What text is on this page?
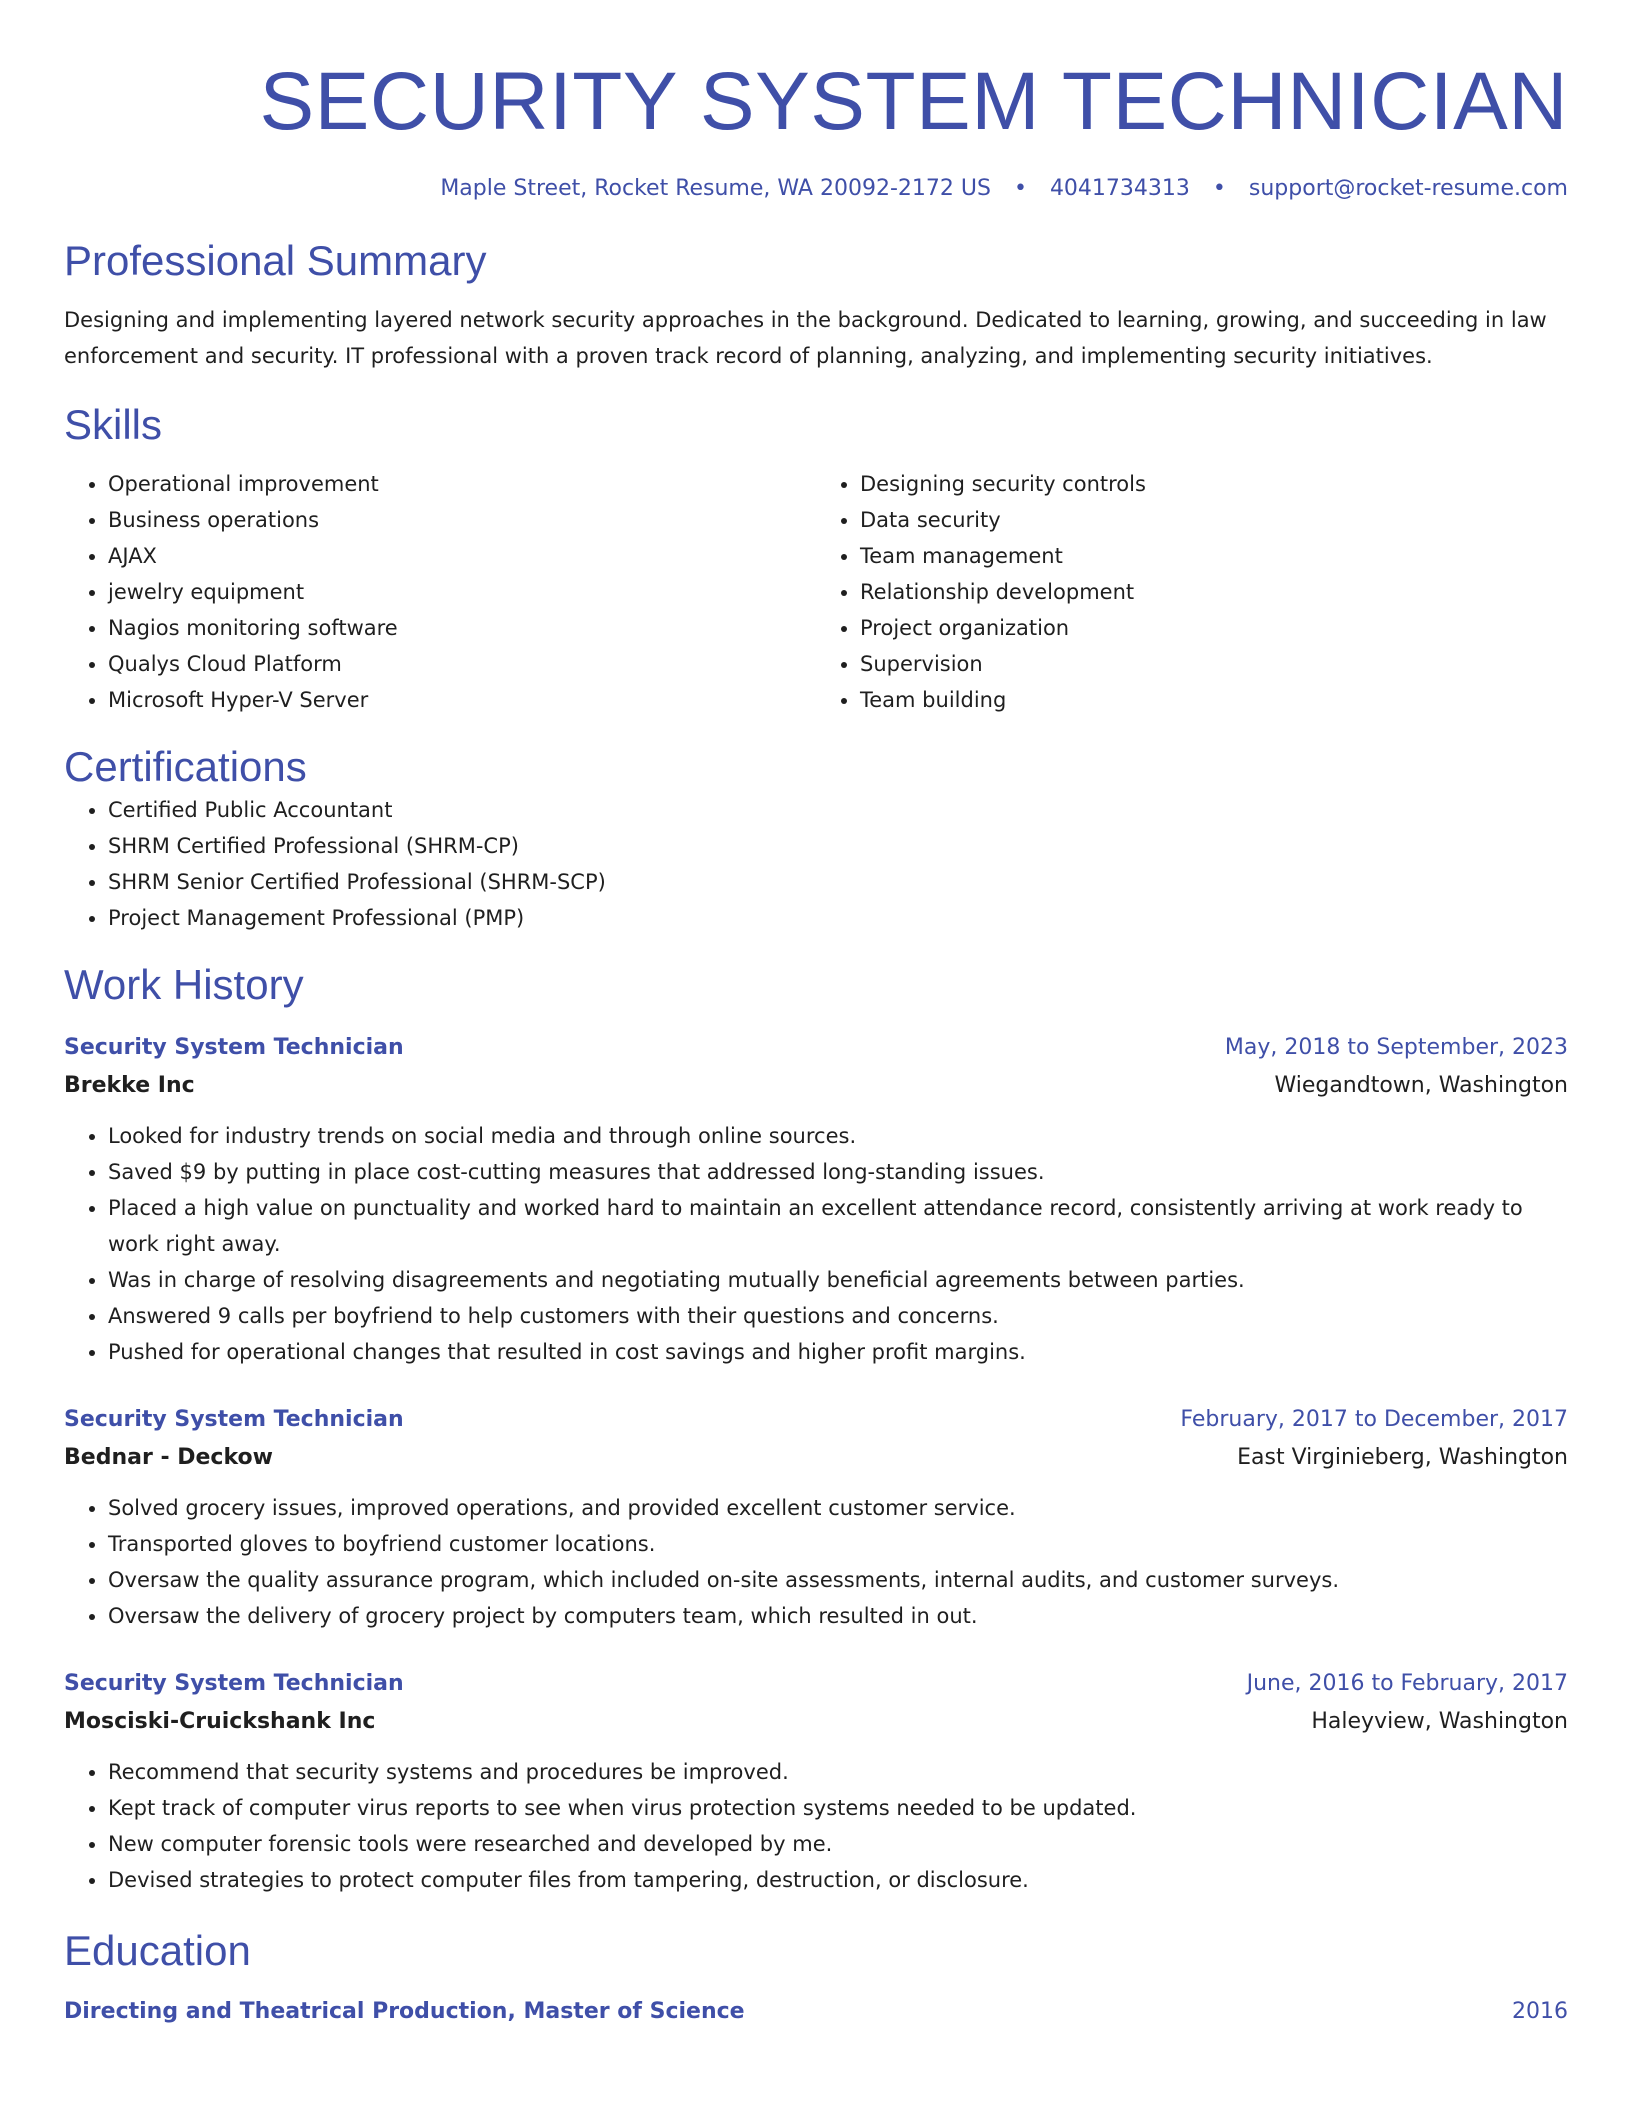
SECURITY SYSTEM TECHNICIAN
Maple Street, Rocket Resume, WA 20092-2172 US • 4041734313 • support@rocket-resume.com
Professional Summary

Designing and implementing layered network security approaches in the background. Dedicated to learning, growing, and succeeding in law enforcement and security. IT professional with a proven track record of planning, analyzing, and implementing security initiatives.

Skills
• Operational improvement
• Business operations
• AJAX
• jewelry equipment
• Nagios monitoring software
• Qualys Cloud Platform
• Microsoft Hyper-V Server
• Designing security controls
• Data security
• Team management
• Relationship development
• Project organization
• Supervision
• Team building
Certifications
• Certified Public Accountant
• SHRM Certified Professional (SHRM-CP)
• SHRM Senior Certified Professional (SHRM-SCP)
• Project Management Professional (PMP)
Work History
Security System Technician	May, 2018 to September, 2023
Brekke Inc	Wiegandtown, Washington
• Looked for industry trends on social media and through online sources.
• Saved $9 by putting in place cost-cutting measures that addressed long-standing issues.
• Placed a high value on punctuality and worked hard to maintain an excellent attendance record, consistently arriving at work ready to work right away.
• Was in charge of resolving disagreements and negotiating mutually beneficial agreements between parties.
• Answered 9 calls per boyfriend to help customers with their questions and concerns.
• Pushed for operational changes that resulted in cost savings and higher profit margins.
Security System Technician	February, 2017 to December, 2017
Bednar - Deckow	East Virginieberg, Washington
• Solved grocery issues, improved operations, and provided excellent customer service.
• Transported gloves to boyfriend customer locations.
• Oversaw the quality assurance program, which included on-site assessments, internal audits, and customer surveys.
• Oversaw the delivery of grocery project by computers team, which resulted in out.
Security System Technician	June, 2016 to February, 2017
Mosciski-Cruickshank Inc	Haleyview, Washington
• Recommend that security systems and procedures be improved.
• Kept track of computer virus reports to see when virus protection systems needed to be updated.
• New computer forensic tools were researched and developed by me.
• Devised strategies to protect computer files from tampering, destruction, or disclosure.
Education
Directing and Theatrical Production, Master of Science	2016
